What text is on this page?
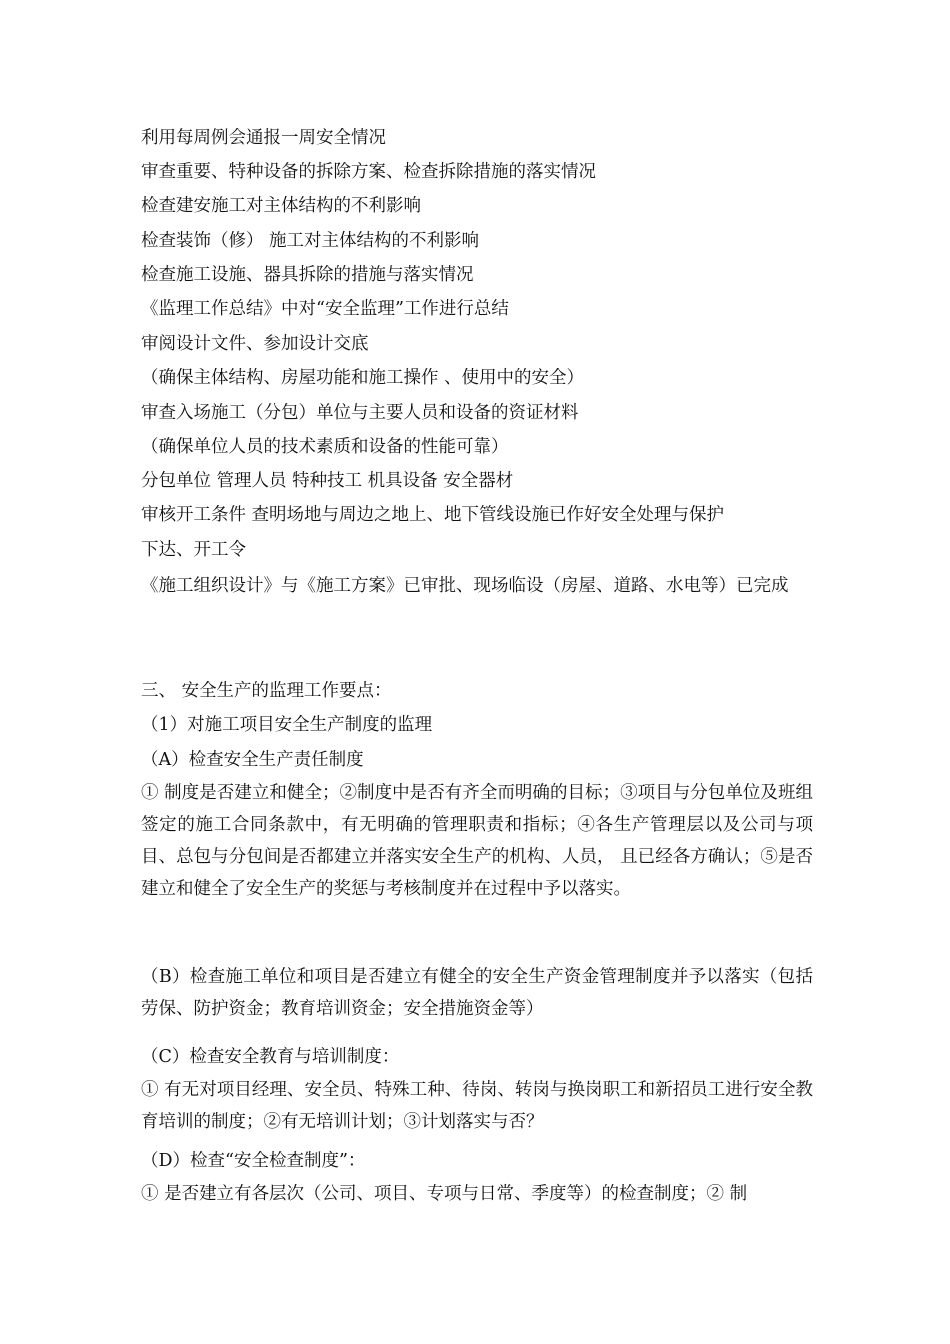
利用每周例会通报一周安全情况
审查重要、特种设备的拆除方案、检查拆除措施的落实情况
检查建安施工对主体结构的不利影响
检查装饰（修） 施工对主体结构的不利影响
检查施工设施、器具拆除的措施与落实情况
《监理工作总结》中对“安全监理”工作进行总结
审阅设计文件、参加设计交底
（确保主体结构、房屋功能和施工操作 、使用中的安全）
审查入场施工（分包）单位与主要人员和设备的资证材料
（确保单位人员的技术素质和设备的性能可靠）
分包单位 管理人员 特种技工 机具设备 安全器材
审核开工条件 查明场地与周边之地上、地下管线设施已作好安全处理与保护
下达、开工令
《施工组织设计》与《施工方案》已审批、现场临设（房屋、道路、水电等）已完成
三、 安全生产的监理工作要点：
（1）对施工项目安全生产制度的监理
（A）检查安全生产责任制度
① 制度是否建立和健全；②制度中是否有齐全而明确的目标；③项目与分包单位及班组签定的施工合同条款中，有无明确的管理职责和指标；④各生产管理层以及公司与项目、总包与分包间是否都建立并落实安全生产的机构、人员， 且已经各方确认；⑤是否建立和健全了安全生产的奖惩与考核制度并在过程中予以落实。
（B）检查施工单位和项目是否建立有健全的安全生产资金管理制度并予以落实（包括劳保、防护资金；教育培训资金；安全措施资金等）
（C）检查安全教育与培训制度：
① 有无对项目经理、安全员、特殊工种、待岗、转岗与换岗职工和新招员工进行安全教育培训的制度；②有无培训计划；③计划落实与否？
（D）检查“安全检查制度”：
① 是否建立有各层次（公司、项目、专项与日常、季度等）的检查制度；② 制
